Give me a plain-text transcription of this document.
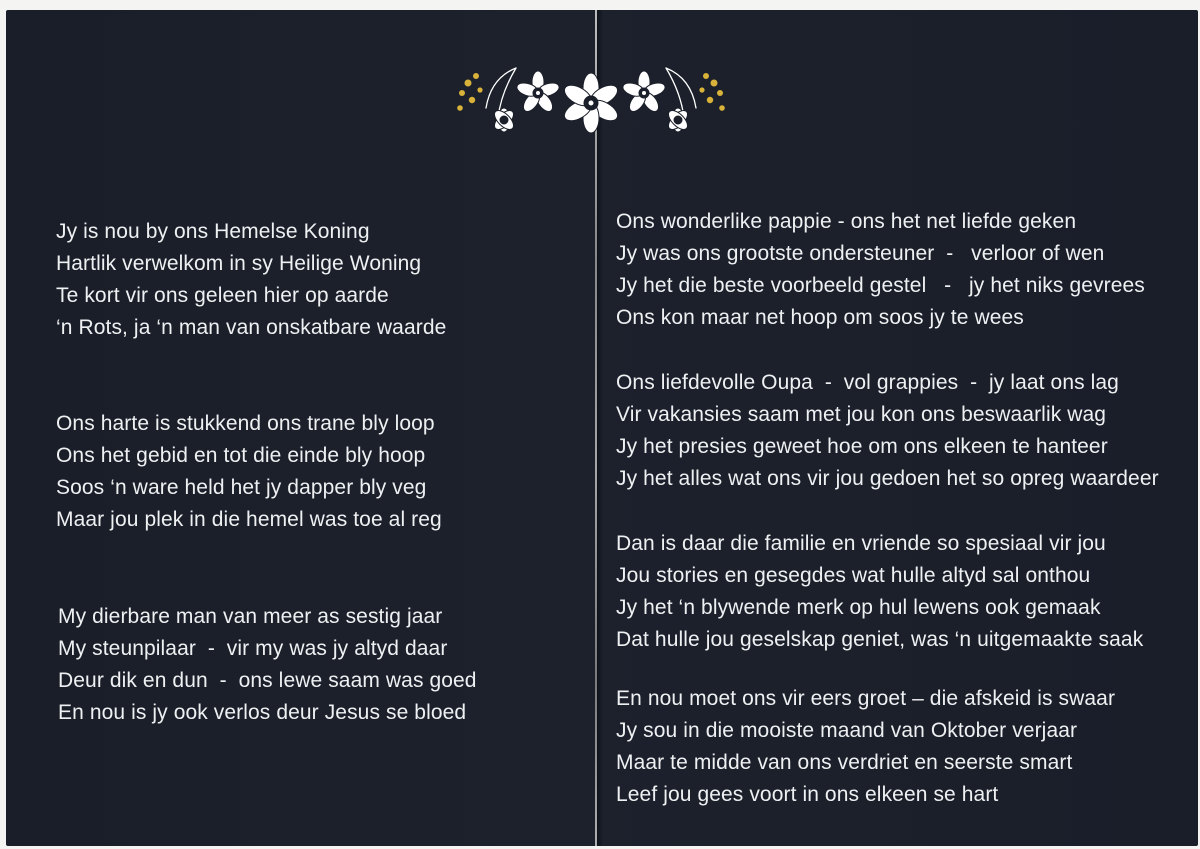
Jy is nou by ons Hemelse Koning
Hartlik verwelkom in sy Heilige Woning
Te kort vir ons geleen hier op aarde
‘n Rots, ja ‘n man van onskatbare waarde
Ons harte is stukkend ons trane bly loop
Ons het gebid en tot die einde bly hoop
Soos ‘n ware held het jy dapper bly veg
Maar jou plek in die hemel was toe al reg
My dierbare man van meer as sestig jaar
My steunpilaar  -  vir my was jy altyd daar
Deur dik en dun  -  ons lewe saam was goed
En nou is jy ook verlos deur Jesus se bloed
Ons wonderlike pappie - ons het net liefde geken
Jy was ons grootste ondersteuner  -   verloor of wen
Jy het die beste voorbeeld gestel   -   jy het niks gevrees
Ons kon maar net hoop om soos jy te wees
Ons liefdevolle Oupa  -  vol grappies  -  jy laat ons lag
Vir vakansies saam met jou kon ons beswaarlik wag
Jy het presies geweet hoe om ons elkeen te hanteer
Jy het alles wat ons vir jou gedoen het so opreg waardeer
Dan is daar die familie en vriende so spesiaal vir jou
Jou stories en gesegdes wat hulle altyd sal onthou
Jy het ‘n blywende merk op hul lewens ook gemaak
Dat hulle jou geselskap geniet, was ‘n uitgemaakte saak
En nou moet ons vir eers groet – die afskeid is swaar
Jy sou in die mooiste maand van Oktober verjaar
Maar te midde van ons verdriet en seerste smart
Leef jou gees voort in ons elkeen se hart
